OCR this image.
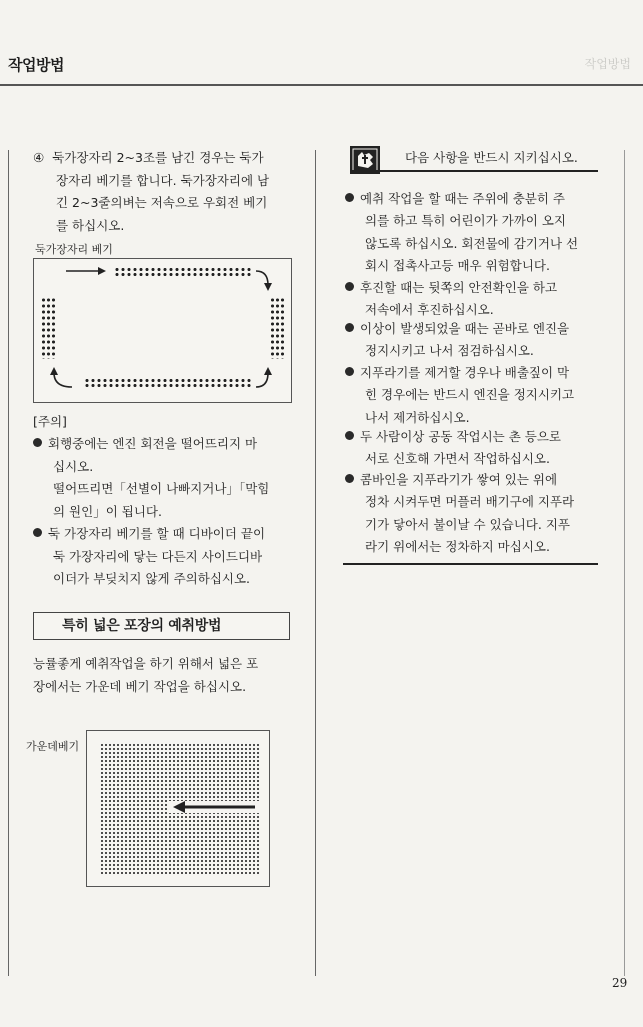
작업방법	작업방법
④ 둑가장자리 2~3조를 남긴 경우는 둑가
장자리 베기를 합니다. 둑가장자리에 남
긴 2~3줄의벼는 저속으로 우회전 베기
를 하십시오.
둑가장자리 베기
[주의]
회행중에는 엔진 회전을 떨어뜨리지 마
십시오.
떨어뜨리면「선별이 나빠지거나」「막힘
의 원인」이 됩니다.
둑 가장자리 베기를 할 때 디바이더 끝이
둑 가장자리에 닿는 다든지 사이드디바
이더가 부딪치지 않게 주의하십시오.
특히 넓은 포장의 예취방법
능률좋게 예취작업을 하기 위해서 넓은 포
장에서는 가운데 베기 작업을 하십시오.
가운데베기
다음 사항을 반드시 지키십시오.
예취 작업을 할 때는 주위에 충분히 주
의를 하고 특히 어린이가 가까이 오지
않도록 하십시오. 회전물에 감기거나 선
회시 접촉사고등 매우 위험합니다.
후진할 때는 뒷쪽의 안전확인을 하고
저속에서 후진하십시오.
이상이 발생되었을 때는 곧바로 엔진을
정지시키고 나서 점검하십시오.
지푸라기를 제거할 경우나 배출짚이 막
힌 경우에는 반드시 엔진을 정지시키고
나서 제거하십시오.
두 사람이상 공동 작업시는 촌 등으로
서로 신호해 가면서 작업하십시오.
콤바인을 지푸라기가 쌓여 있는 위에
정차 시켜두면 머플러 배기구에 지푸라
기가 닿아서 불이날 수 있습니다. 지푸
라기 위에서는 정차하지 마십시오.
29
